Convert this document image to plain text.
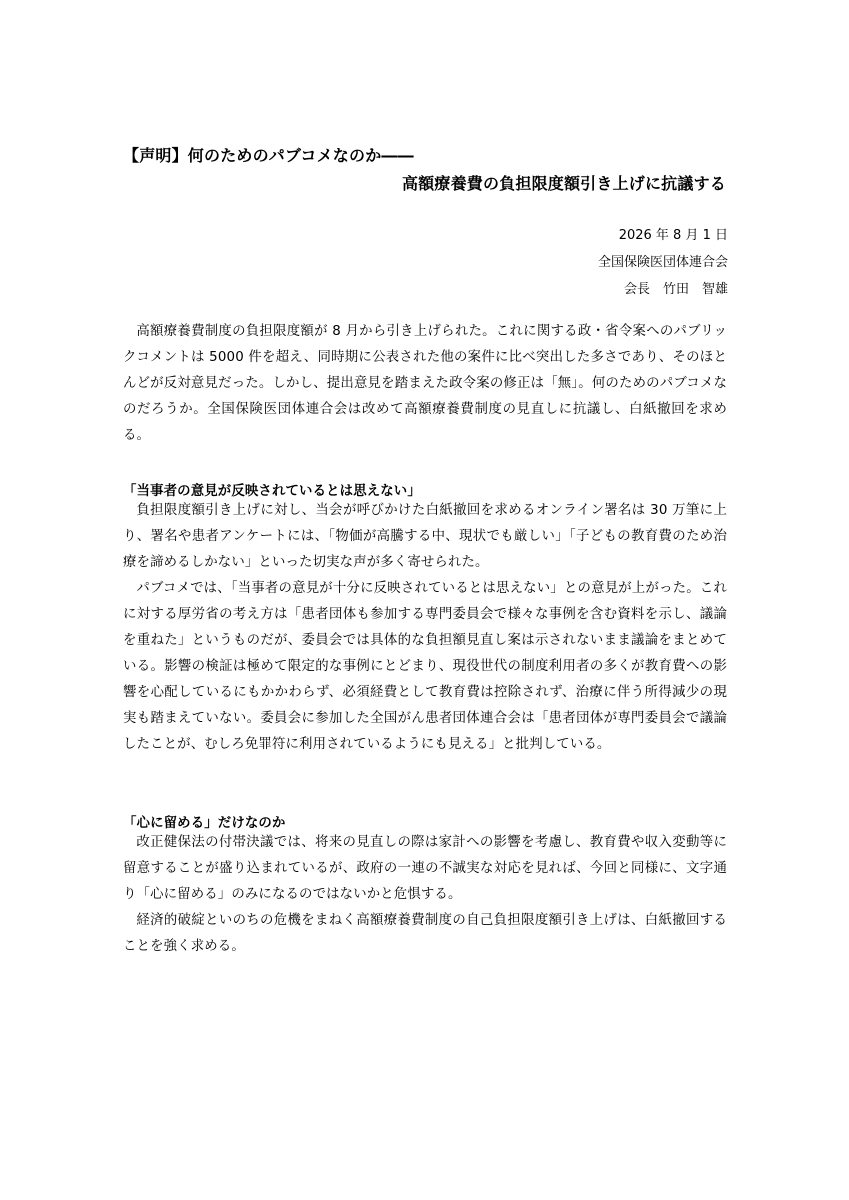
【声明】何のためのパブコメなのか――
高額療養費の負担限度額引き上げに抗議する
2026 年 8 月 1 日
全国保険医団体連合会
会長　竹田　智雄

高額療養費制度の負担限度額が 8 月から引き上げられた。これに関する政・省令案へのパブリックコメントは 5000 件を超え、同時期に公表された他の案件に比べ突出した多さであり、そのほとんどが反対意見だった。しかし、提出意見を踏まえた政令案の修正は「無」。何のためのパブコメなのだろうか。全国保険医団体連合会は改めて高額療養費制度の見直しに抗議し、白紙撤回を求める。

「当事者の意見が反映されているとは思えない」

負担限度額引き上げに対し、当会が呼びかけた白紙撤回を求めるオンライン署名は 30 万筆に上り、署名や患者アンケートには、「物価が高騰する中、現状でも厳しい」「子どもの教育費のため治療を諦めるしかない」といった切実な声が多く寄せられた。

パブコメでは、「当事者の意見が十分に反映されているとは思えない」との意見が上がった。これに対する厚労省の考え方は「患者団体も参加する専門委員会で様々な事例を含む資料を示し、議論を重ねた」というものだが、委員会では具体的な負担額見直し案は示されないまま議論をまとめている。影響の検証は極めて限定的な事例にとどまり、現役世代の制度利用者の多くが教育費への影響を心配しているにもかかわらず、必須経費として教育費は控除されず、治療に伴う所得減少の現実も踏まえていない。委員会に参加した全国がん患者団体連合会は「患者団体が専門委員会で議論したことが、むしろ免罪符に利用されているようにも見える」と批判している。

「心に留める」だけなのか

改正健保法の付帯決議では、将来の見直しの際は家計への影響を考慮し、教育費や収入変動等に留意することが盛り込まれているが、政府の一連の不誠実な対応を見れば、今回と同様に、文字通り「心に留める」のみになるのではないかと危惧する。

経済的破綻といのちの危機をまねく高額療養費制度の自己負担限度額引き上げは、白紙撤回することを強く求める。
